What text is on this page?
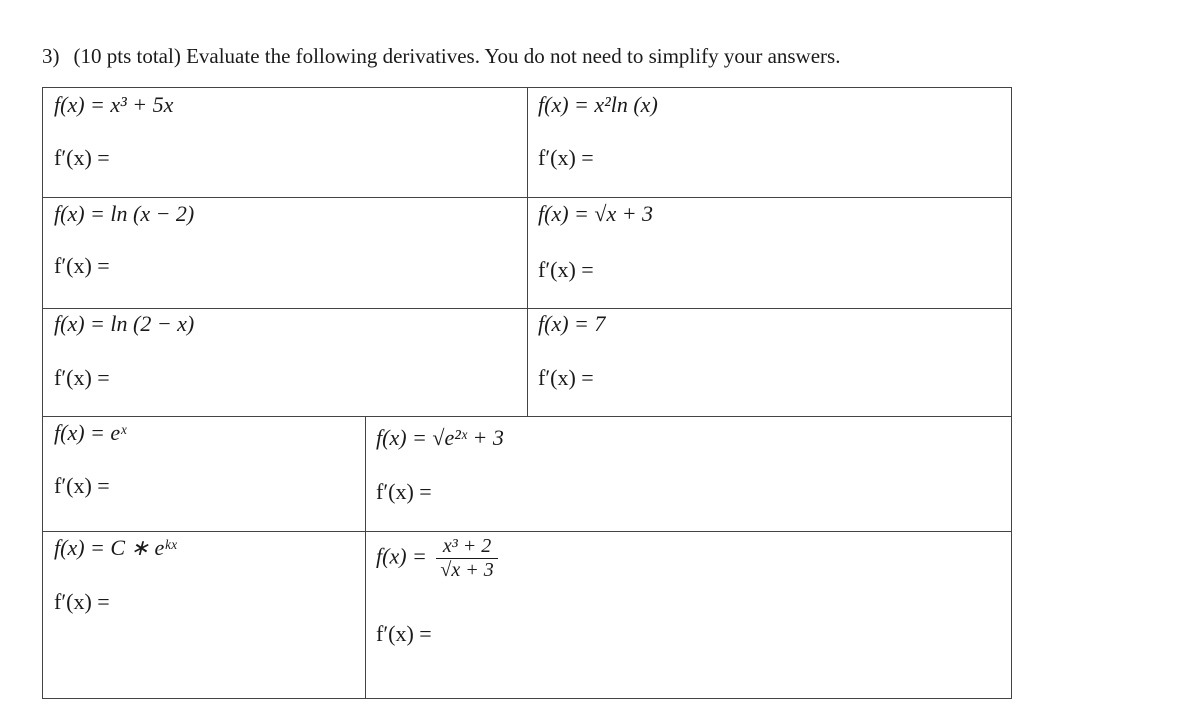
3) (10 pts total) Evaluate the following derivatives. You do not need to simplify your answers.
f(x) = x³ + 5x
f′(x) =
f(x) = x²ln (x)
f′(x) =
f(x) = ln (x − 2)
f′(x) =
f(x) = √x + 3
f′(x) =
f(x) = ln (2 − x)
f′(x) =
f(x) = 7
f′(x) =
f(x) = eˣ
f′(x) =
f(x) = √e²ˣ + 3
f′(x) =
f(x) = C ∗ eᵏˣ
f′(x) =
$f(x) = \frac{\text{x³ + 2}}{√x + 3}$
f′(x) =
